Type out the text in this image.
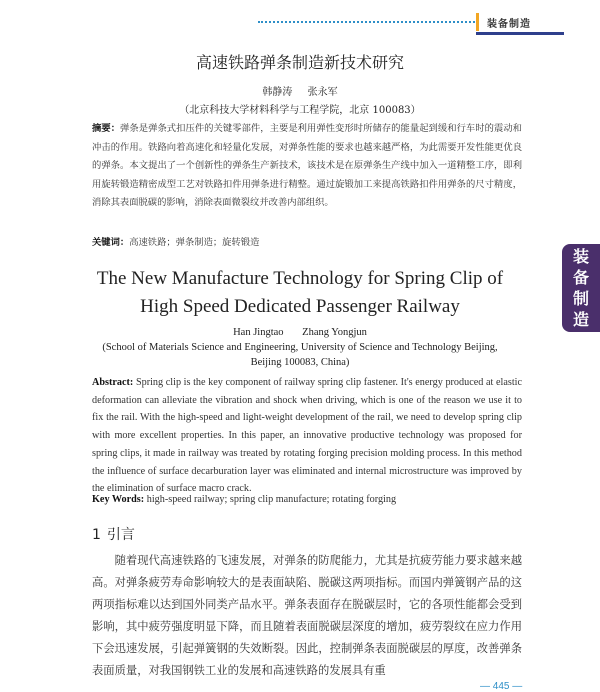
装备制造
装
备
制
造
高速铁路弹条制造新技术研究
韩静涛 张永军
（北京科技大学材料科学与工程学院，北京 100083）
摘要：弹条是弹条式扣压件的关键零部件，主要是利用弹性变形时所储存的能量起到缓和行车时的震动和冲击的作用。铁路向着高速化和轻量化发展，对弹条性能的要求也越来越严格，为此需要开发性能更优良的弹条。本文提出了一个创新性的弹条生产新技术，该技术是在原弹条生产线中加入一道精整工序，即利用旋转锻造精密成型工艺对铁路扣件用弹条进行精整。通过旋锻加工来提高铁路扣件用弹条的尺寸精度，消除其表面脱碳的影响，消除表面微裂纹并改善内部组织。
关键词：高速铁路；弹条制造；旋转锻造
The New Manufacture Technology for Spring Clip of
High Speed Dedicated Passenger Railway
Han Jingtao Zhang Yongjun
(School of Materials Science and Engineering, University of Science and Technology Beijing,
Beijing 100083, China)
Abstract: Spring clip is the key component of railway spring clip fastener. It's energy produced at elastic deformation can alleviate the vibration and shock when driving, which is one of the reason we use it to fix the rail. With the high-speed and light-weight development of the rail, we need to develop spring clip with more excellent properties. In this paper, an innovative productive technology was proposed for spring clips, it made in railway was treated by rotating forging precision molding process. In this method the influence of surface decarburation layer was eliminated and internal microstructure was improved by the elimination of surface macro crack.
Key Words: high-speed railway; spring clip manufacture; rotating forging
1 引言
随着现代高速铁路的飞速发展，对弹条的防爬能力，尤其是抗疲劳能力要求越来越高。对弹条疲劳寿命影响较大的是表面缺陷、脱碳这两项指标。而国内弹簧钢产品的这两项指标难以达到国外同类产品水平。弹条表面存在脱碳层时，它的各项性能都会受到影响，其中疲劳强度明显下降，而且随着表面脱碳层深度的增加，疲劳裂纹在应力作用下会迅速发展，引起弹簧钢的失效断裂。因此，控制弹条表面脱碳层的厚度，改善弹条表面质量，对我国钢铁工业的发展和高速铁路的发展具有重
— 445 —
